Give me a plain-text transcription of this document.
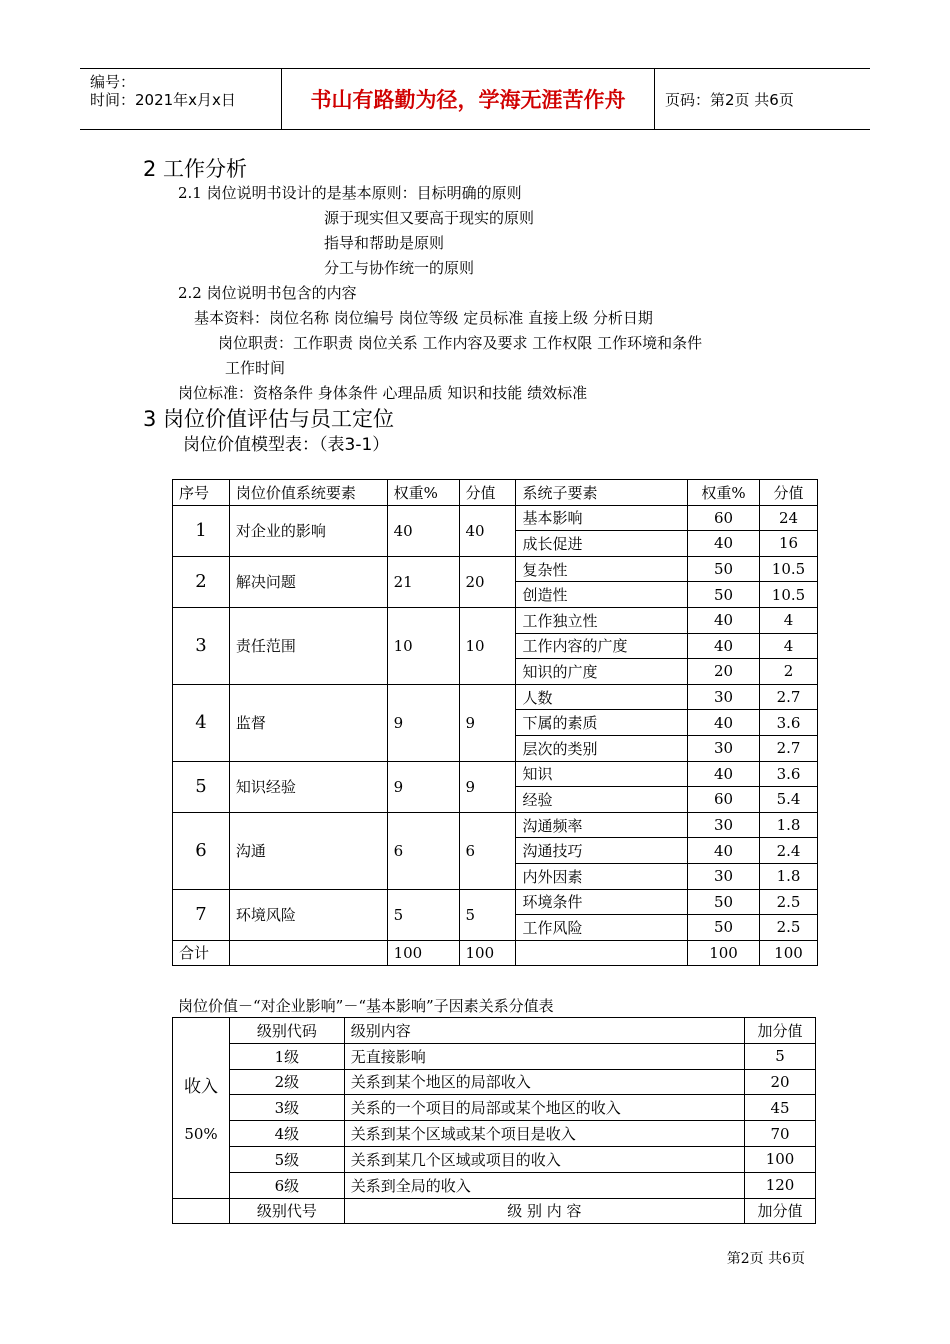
编号：
时间：2021年x月x日	书山有路勤为径，学海无涯苦作舟	页码：第2页 共6页
2 工作分析
2.1 岗位说明书设计的是基本原则：目标明确的原则
源于现实但又要高于现实的原则
指导和帮助是原则
分工与协作统一的原则
2.2 岗位说明书包含的内容
基本资料：岗位名称 岗位编号 岗位等级 定员标准 直接上级 分析日期
岗位职责：工作职责 岗位关系 工作内容及要求 工作权限 工作环境和条件
工作时间
岗位标准：资格条件 身体条件 心理品质 知识和技能 绩效标准
3 岗位价值评估与员工定位
岗位价值模型表：（表3-1）
序号	岗位价值系统要素	权重%	分值	系统子要素	权重%	分值
1	对企业的影响	40	40	基本影响	60	24
				成长促进	40	16
2	解决问题	21	20	复杂性	50	10.5
				创造性	50	10.5
3	责任范围	10	10	工作独立性	40	4
				工作内容的广度	40	4
				知识的广度	20	2
4	监督	9	9	人数	30	2.7
				下属的素质	40	3.6
				层次的类别	30	2.7
5	知识经验	9	9	知识	40	3.6
				经验	60	5.4
6	沟通	6	6	沟通频率	30	1.8
				沟通技巧	40	2.4
				内外因素	30	1.8
7	环境风险	5	5	环境条件	50	2.5
				工作风险	50	2.5
合计		100	100		100	100
岗位价值－“对企业影响”－“基本影响”子因素关系分值表
收入
50%	级别代码	级别内容	加分值
	1级	无直接影响	5
	2级	关系到某个地区的局部收入	20
	3级	关系的一个项目的局部或某个地区的收入	45
	4级	关系到某个区域或某个项目是收入	70
	5级	关系到某几个区域或项目的收入	100
	6级	关系到全局的收入	120
	级别代号	级 别 内 容	加分值
第2页 共6页
